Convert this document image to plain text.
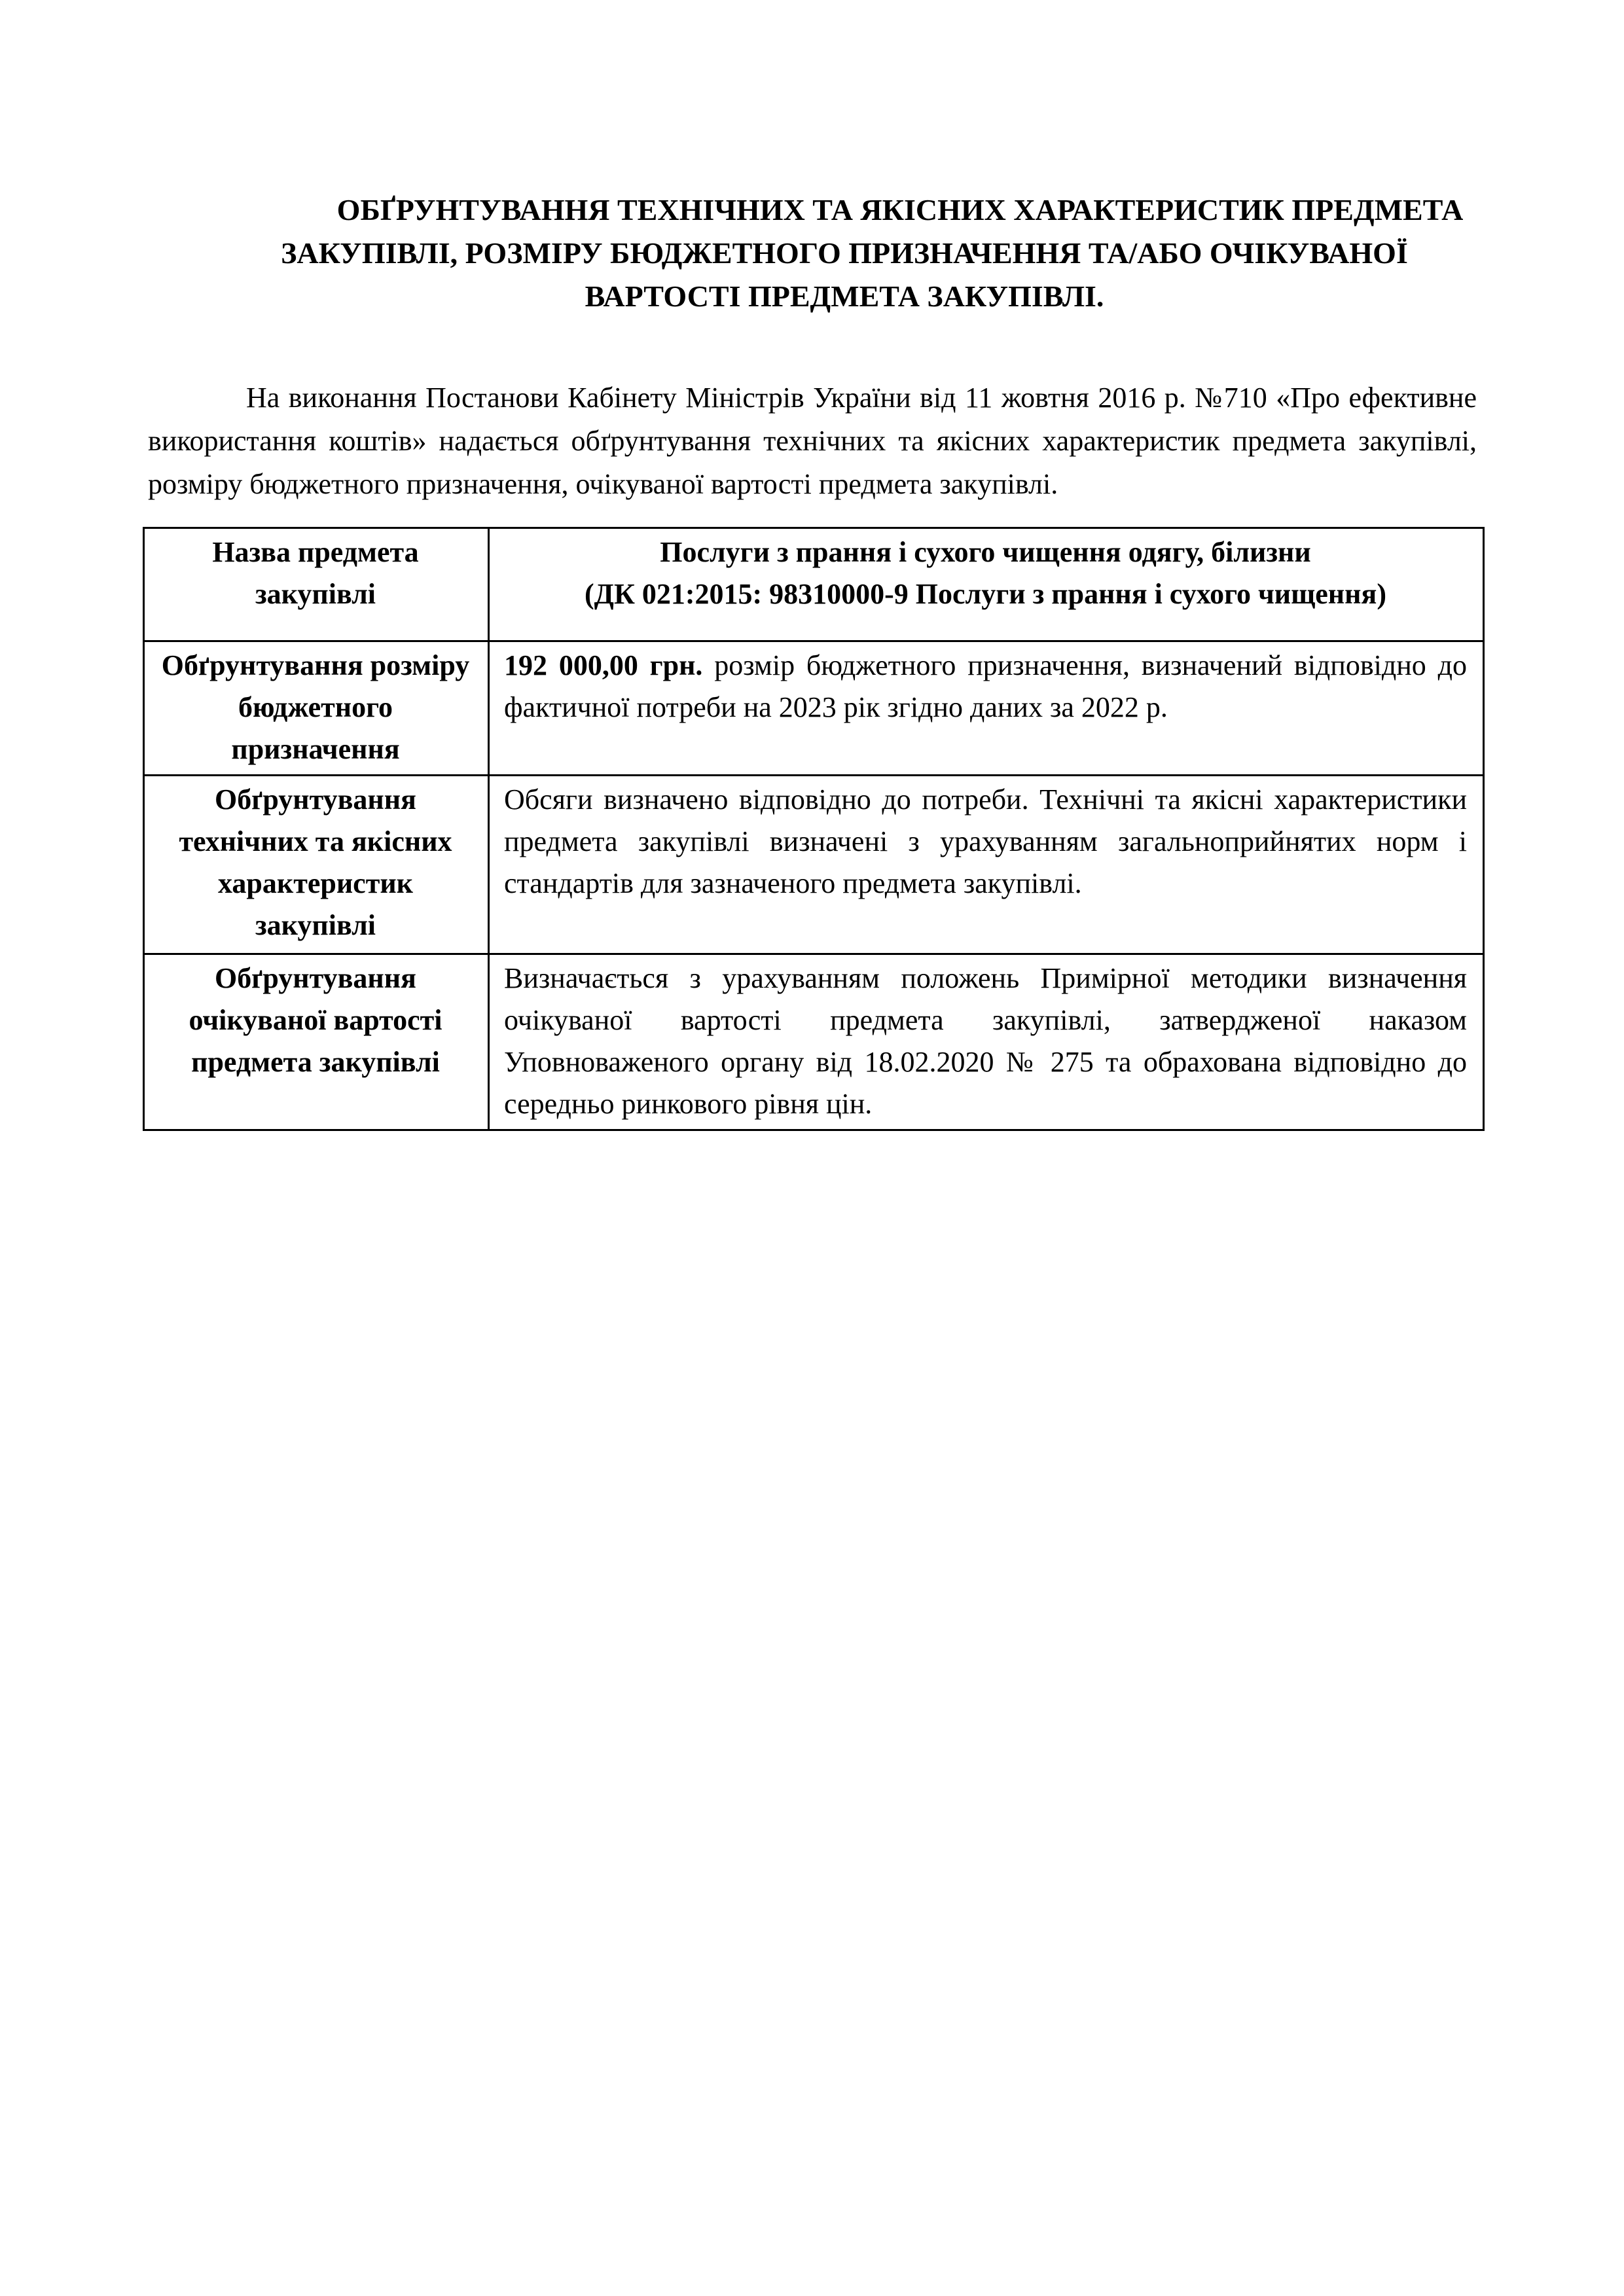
ОБҐРУНТУВАННЯ ТЕХНІЧНИХ ТА ЯКІСНИХ ХАРАКТЕРИСТИК ПРЕДМЕТА
ЗАКУПІВЛІ, РОЗМІРУ БЮДЖЕТНОГО ПРИЗНАЧЕННЯ ТА/АБО ОЧІКУВАНОЇ
ВАРТОСТІ ПРЕДМЕТА ЗАКУПІВЛІ.
На виконання Постанови Кабінету Міністрів України від 11 жовтня 2016 р. №710 «Про ефективне використання коштів» надається обґрунтування технічних та якісних характеристик предмета закупівлі, розміру бюджетного призначення, очікуваної вартості предмета закупівлі.
Назва предмета закупівлі	Послуги з прання і сухого чищення одягу, білизни
(ДК 021:2015: 98310000-9 Послуги з прання і сухого чищення)

Обґрунтування розміру бюджетного призначення	192 000,00 грн. розмір бюджетного призначення, визначений відповідно до фактичної потреби на 2023 рік згідно даних за 2022 р.
Обґрунтування технічних та якісних характеристик закупівлі	Обсяги визначено відповідно до потреби. Технічні та якісні характеристики предмета закупівлі визначені з урахуванням загальноприйнятих норм і стандартів для зазначеного предмета закупівлі.
Обґрунтування очікуваної вартості предмета закупівлі	Визначається з урахуванням положень Примірної методики визначення очікуваної вартості предмета закупівлі, затвердженої наказом Уповноваженого органу від 18.02.2020 № 275 та обрахована відповідно до середньо ринкового рівня цін.
